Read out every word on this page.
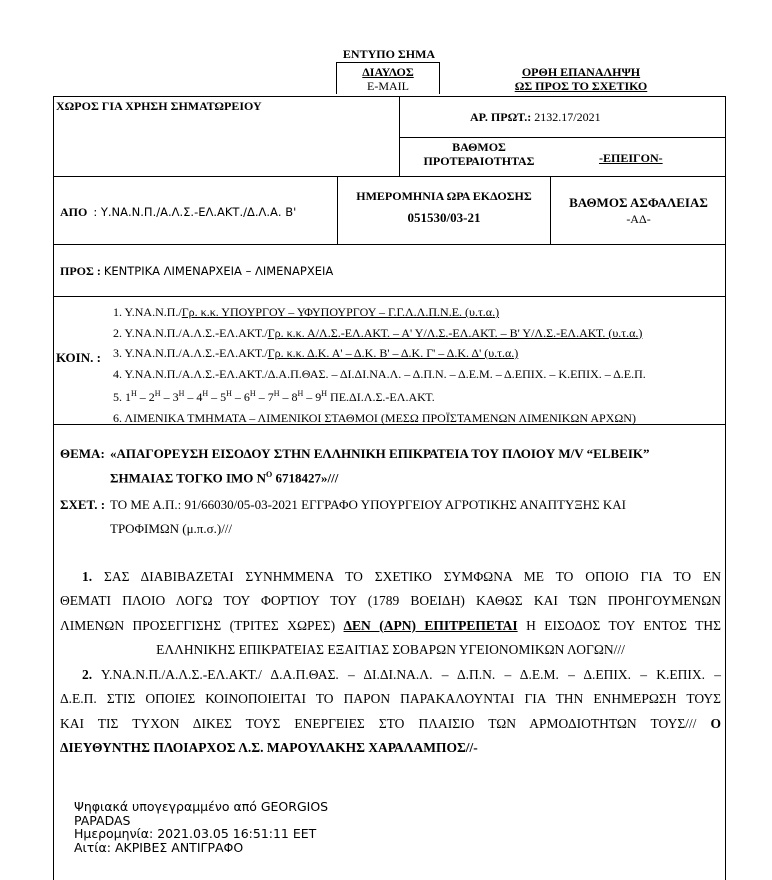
ΕΝΤΥΠΟ ΣΗΜΑ
ΔΙΑΥΛΟΣ
E-MAIL
ΟΡΘΗ ΕΠΑΝΑΛΗΨΗ
ΩΣ ΠΡΟΣ ΤΟ ΣΧΕΤΙΚΟ
ΧΩΡΟΣ ΓΙΑ ΧΡΗΣΗ ΣΗΜΑΤΩΡΕΙΟΥ
ΑΡ. ΠΡΩΤ.: 2132.17/2021
ΒΑΘΜΟΣ
ΠΡΟΤΕΡΑΙΟΤΗΤΑΣ	-ΕΠΕΙΓΟΝ-
ΑΠΟ : Υ.ΝΑ.Ν.Π./Α.Λ.Σ.-ΕΛ.ΑΚΤ./Δ.Λ.Α. Β'
ΗΜΕΡΟΜΗΝΙΑ ΩΡΑ ΕΚΔΟΣΗΣ
051530/03-21
ΒΑΘΜΟΣ ΑΣΦΑΛΕΙΑΣ
-ΑΔ-
ΠΡΟΣ : ΚΕΝΤΡΙΚΑ ΛΙΜΕΝΑΡΧΕΙΑ – ΛΙΜΕΝΑΡΧΕΙΑ
ΚΟΙΝ. :
1. Υ.ΝΑ.Ν.Π./Γρ. κ.κ. ΥΠΟΥΡΓΟΥ – ΥΦΥΠΟΥΡΓΟΥ – Γ.Γ.Λ.Λ.Π.Ν.Ε. (υ.τ.α.)
2. Υ.ΝΑ.Ν.Π./Α.Λ.Σ.-ΕΛ.ΑΚΤ./Γρ. κ.κ. Α/Λ.Σ.-ΕΛ.ΑΚΤ. – Α' Υ/Λ.Σ.-ΕΛ.ΑΚΤ. – Β' Υ/Λ.Σ.-ΕΛ.ΑΚΤ. (υ.τ.α.)
3. Υ.ΝΑ.Ν.Π./Α.Λ.Σ.-ΕΛ.ΑΚΤ./Γρ. κ.κ. Δ.Κ. Α' – Δ.Κ. Β' – Δ.Κ. Γ' – Δ.Κ. Δ' (υ.τ.α.)
4. Υ.ΝΑ.Ν.Π./Α.Λ.Σ.-ΕΛ.ΑΚΤ./Δ.Α.Π.ΘΑΣ. – ΔΙ.ΔΙ.ΝΑ.Λ. – Δ.Π.Ν. – Δ.Ε.Μ. – Δ.ΕΠΙΧ. – Κ.ΕΠΙΧ. – Δ.Ε.Π.
5. $1^H - 2^H - 3^H - 4^H - 5^H - 6^H - 7^H - 8^H - 9^H$ ΠΕ.ΔΙ.Λ.Σ.-ΕΛ.ΑΚΤ.
6. ΛΙΜΕΝΙΚΑ ΤΜΗΜΑΤΑ – ΛΙΜΕΝΙΚΟΙ ΣΤΑΘΜΟΙ (ΜΕΣΩ ΠΡΟΪΣΤΑΜΕΝΩΝ ΛΙΜΕΝΙΚΩΝ ΑΡΧΩΝ)
ΘΕΜΑ: «ΑΠΑΓΟΡΕΥΣΗ ΕΙΣΟΔΟΥ ΣΤΗΝ ΕΛΛΗΝΙΚΗ ΕΠΙΚΡΑΤΕΙΑ ΤΟΥ ΠΛΟΙΟΥ M/V “ELBEIK”
ΣΗΜΑΙΑΣ ΤΟΓΚΟ ΙΜΟ $N^O$ 6718427»///
ΣΧΕΤ. : ΤΟ ΜΕ Α.Π.: 91/66030/05-03-2021 ΕΓΓΡΑΦΟ ΥΠΟΥΡΓΕΙΟΥ ΑΓΡΟΤΙΚΗΣ ΑΝΑΠΤΥΞΗΣ ΚΑΙ
ΤΡΟΦΙΜΩΝ (μ.π.σ.)///
1. ΣΑΣ ΔΙΑΒΙΒΑΖΕΤΑΙ ΣΥΝΗΜΜΕΝΑ ΤΟ ΣΧΕΤΙΚΟ ΣΥΜΦΩΝΑ ΜΕ ΤΟ ΟΠΟΙΟ ΓΙΑ ΤΟ ΕΝ
ΘΕΜΑΤΙ ΠΛΟΙΟ ΛΟΓΩ ΤΟΥ ΦΟΡΤΙΟΥ ΤΟΥ (1789 ΒΟΕΙΔΗ) ΚΑΘΩΣ ΚΑΙ ΤΩΝ ΠΡΟΗΓΟΥΜΕΝΩΝ
ΛΙΜΕΝΩΝ ΠΡΟΣΕΓΓΙΣΗΣ (ΤΡΙΤΕΣ ΧΩΡΕΣ) ΔΕΝ (ΑΡΝ) ΕΠΙΤΡΕΠΕΤΑΙ Η ΕΙΣΟΔΟΣ ΤΟΥ ΕΝΤΟΣ ΤΗΣ
ΕΛΛΗΝΙΚΗΣ ΕΠΙΚΡΑΤΕΙΑΣ ΕΞΑΙΤΙΑΣ ΣΟΒΑΡΩΝ ΥΓΕΙΟΝΟΜΙΚΩΝ ΛΟΓΩΝ///
2. Υ.ΝΑ.Ν.Π./Α.Λ.Σ.-ΕΛ.ΑΚΤ./ Δ.Α.Π.ΘΑΣ. – ΔΙ.ΔΙ.ΝΑ.Λ. – Δ.Π.Ν. – Δ.Ε.Μ. – Δ.ΕΠΙΧ. – Κ.ΕΠΙΧ. –
Δ.Ε.Π. ΣΤΙΣ ΟΠΟΙΕΣ ΚΟΙΝΟΠΟΙΕΙΤΑΙ ΤΟ ΠΑΡΟΝ ΠΑΡΑΚΑΛΟΥΝΤΑΙ ΓΙΑ ΤΗΝ ΕΝΗΜΕΡΩΣΗ ΤΟΥΣ
ΚΑΙ ΤΙΣ ΤΥΧΟΝ ΔΙΚΕΣ ΤΟΥΣ ΕΝΕΡΓΕΙΕΣ ΣΤΟ ΠΛΑΙΣΙΟ ΤΩΝ ΑΡΜΟΔΙΟΤΗΤΩΝ ΤΟΥΣ/// Ο
ΔΙΕΥΘΥΝΤΗΣ ΠΛΟΙΑΡΧΟΣ Λ.Σ. ΜΑΡΟΥΛΑΚΗΣ ΧΑΡΑΛΑΜΠΟΣ//-
Ψηφιακά υπογεγραμμένο από GEORGIOS
PAPADAS
Ημερομηνία: 2021.03.05 16:51:11 EET
Αιτία: ΑΚΡΙΒΕΣ ΑΝΤΙΓΡΑΦΟ
